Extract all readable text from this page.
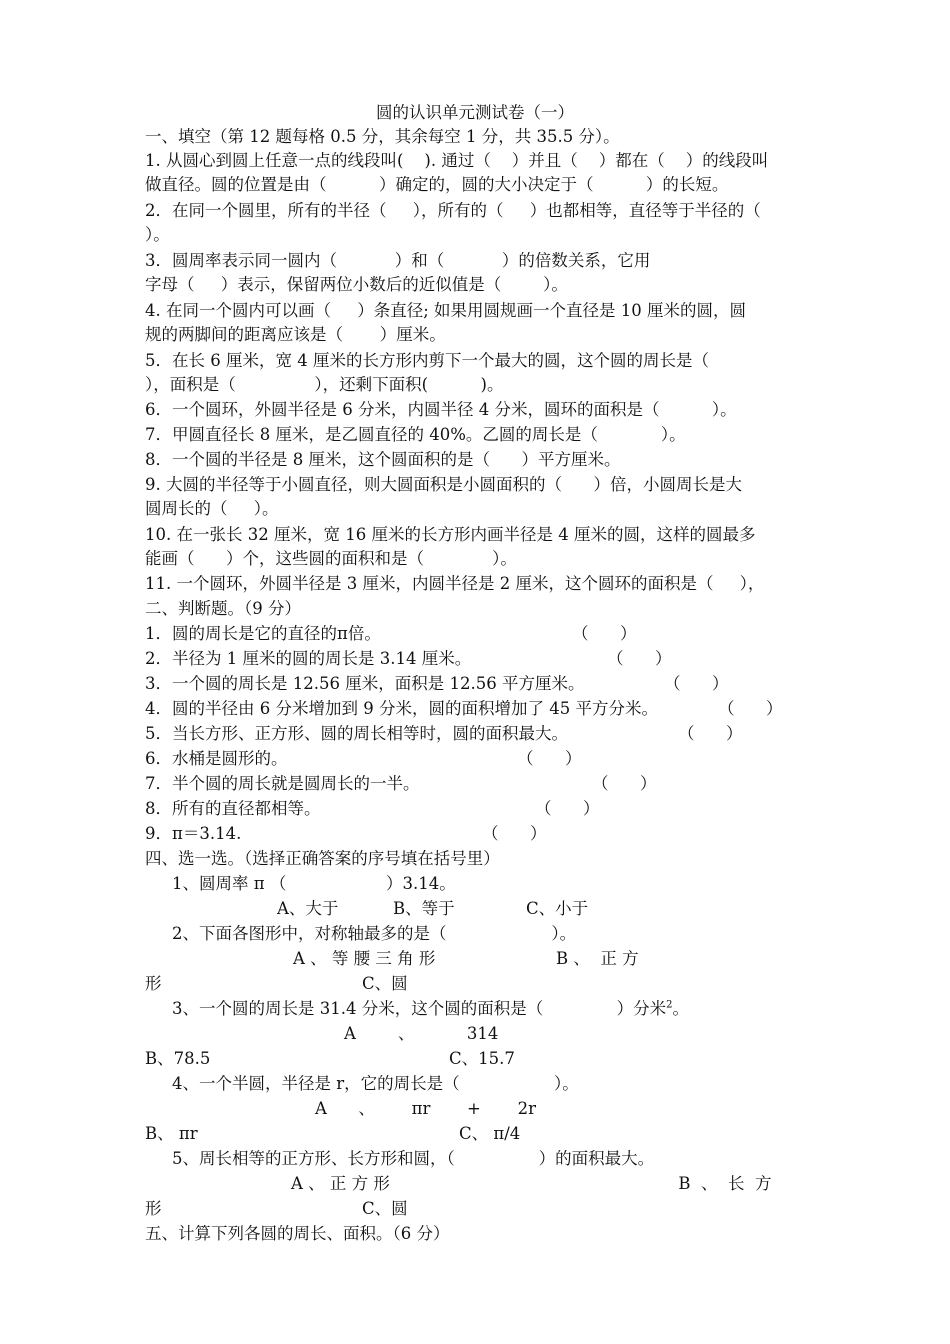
圆的认识单元测试卷（一）
一、填空（第 12 题每格 0.5 分，其余每空 1 分，共 35.5 分）。
1. 从圆心到圆上任意一点的线段叫(    ). 通过（    ）并且（    ）都在（    ）的线段叫
做直径。圆的位置是由（          ）确定的，圆的大小决定于（          ）的长短。
2．在同一个圆里，所有的半径（     ），所有的（     ）也都相等，直径等于半径的（
）。
3．圆周率表示同一圆内（           ）和（           ）的倍数关系，它用
字母（     ）表示，保留两位小数后的近似值是（        ）。
4. 在同一个圆内可以画（     ）条直径; 如果用圆规画一个直径是 10 厘米的圆，圆
规的两脚间的距离应该是（       ）厘米。
5．在长 6 厘米，宽 4 厘米的长方形内剪下一个最大的圆，这个圆的周长是（
），面积是（               ），还剩下面积(          )。
6．一个圆环，外圆半径是 6 分米，内圆半径 4 分米，圆环的面积是（          ）。
7．甲圆直径长 8 厘米，是乙圆直径的 40%。乙圆的周长是（            ）。
8．一个圆的半径是 8 厘米，这个圆面积的是（      ）平方厘米。
9. 大圆的半径等于小圆直径，则大圆面积是小圆面积的（      ）倍，小圆周长是大
圆周长的（     ）。
10. 在一张长 32 厘米，宽 16 厘米的长方形内画半径是 4 厘米的圆，这样的圆最多
能画（      ）个，这些圆的面积和是（             ）。
11. 一个圆环，外圆半径是 3 厘米，内圆半径是 2 厘米，这个圆环的面积是（     ），
二、判断题。（9 分）
1．圆的周长是它的直径的π倍。	（      ）
2．半径为 1 厘米的圆的周长是 3.14 厘米。	（      ）
3．一个圆的周长是 12.56 厘米，面积是 12.56 平方厘米。	（      ）
4．圆的半径由 6 分米增加到 9 分米，圆的面积增加了 45 平方分米。	（      ）
5．当长方形、正方形、圆的周长相等时，圆的面积最大。	（      ）
6．水桶是圆形的。	（      ）
7．半个圆的周长就是圆周长的一半。	（      ）
8．所有的直径都相等。	（      ）
9．π＝3.14.	（      ）
四、选一选。（选择正确答案的序号填在括号里）
1、圆周率 π （                   ）3.14。
A、大于	B、等于	C、小于
2、下面各图形中，对称轴最多的是（                    ）。
A 、 等 腰 三 角 形                       B 、  正 方
形	C、圆
3、一个圆的周长是 31.4 分米，这个圆的面积是（              ）分米$^2$。
A        、          314
B、78.5	C、15.7
4、一个半圆，半径是 r，它的周长是（                  ）。
A      、       πr       +       2r
B、 πr	C、 π/4
5、周长相等的正方形、长方形和圆，（                ）的面积最大。
A 、 正 方 形                                                       B  、  长  方
形	C、圆
五、计算下列各圆的周长、面积。（6 分）
